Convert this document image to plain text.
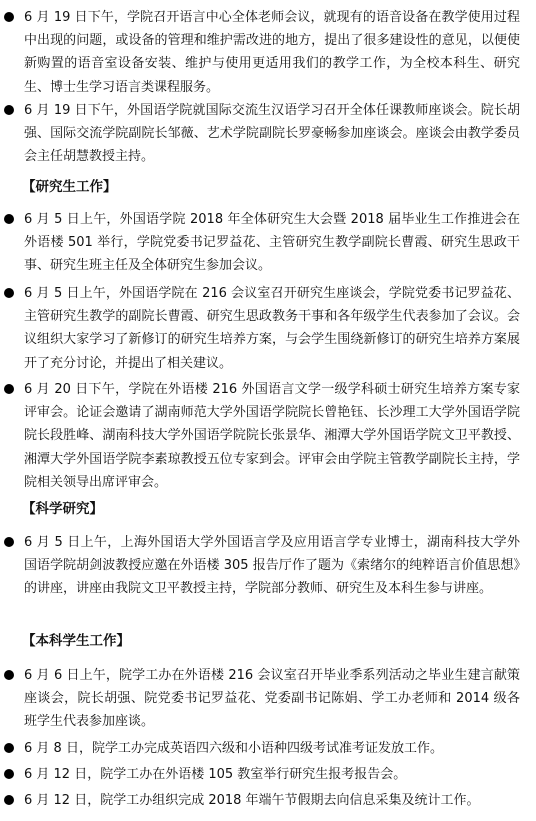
6 月 19 日下午，学院召开语言中心全体老师会议，就现有的语音设备在教学使用过程中出现的问题，或设备的管理和维护需改进的地方，提出了很多建设性的意见，以便使新购置的语音室设备安装、维护与使用更适用我们的教学工作，为全校本科生、研究生、博士生学习语言类课程服务。
6 月 19 日下午，外国语学院就国际交流生汉语学习召开全体任课教师座谈会。院长胡强、国际交流学院副院长邹薇、艺术学院副院长罗豪畅参加座谈会。座谈会由教学委员会主任胡慧教授主持。
【研究生工作】
6 月 5 日上午，外国语学院 2018 年全体研究生大会暨 2018 届毕业生工作推进会在外语楼 501 举行，学院党委书记罗益花、主管研究生教学副院长曹霞、研究生思政干事、研究生班主任及全体研究生参加会议。
6 月 5 日上午，外国语学院在 216 会议室召开研究生座谈会，学院党委书记罗益花、主管研究生教学的副院长曹霞、研究生思政教务干事和各年级学生代表参加了会议。会议组织大家学习了新修订的研究生培养方案，与会学生围绕新修订的研究生培养方案展开了充分讨论，并提出了相关建议。
6 月 20 日下午，学院在外语楼 216 外国语言文学一级学科硕士研究生培养方案专家评审会。论证会邀请了湖南师范大学外国语学院院长曾艳钰、长沙理工大学外国语学院院长段胜峰、湖南科技大学外国语学院院长张景华、湘潭大学外国语学院文卫平教授、湘潭大学外国语学院李素琼教授五位专家到会。评审会由学院主管教学副院长主持，学院相关领导出席评审会。
【科学研究】
6 月 5 日上午，上海外国语大学外国语言学及应用语言学专业博士，湖南科技大学外国语学院胡剑波教授应邀在外语楼 305 报告厅作了题为《索绪尔的纯粹语言价值思想》的讲座，讲座由我院文卫平教授主持，学院部分教师、研究生及本科生参与讲座。
【本科学生工作】
6 月 6 日上午，院学工办在外语楼 216 会议室召开毕业季系列活动之毕业生建言献策座谈会，院长胡强、院党委书记罗益花、党委副书记陈娟、学工办老师和 2014 级各班学生代表参加座谈。
6 月 8 日，院学工办完成英语四六级和小语种四级考试准考证发放工作。
6 月 12 日，院学工办在外语楼 105 教室举行研究生报考报告会。
6 月 12 日，院学工办组织完成 2018 年端午节假期去向信息采集及统计工作。
